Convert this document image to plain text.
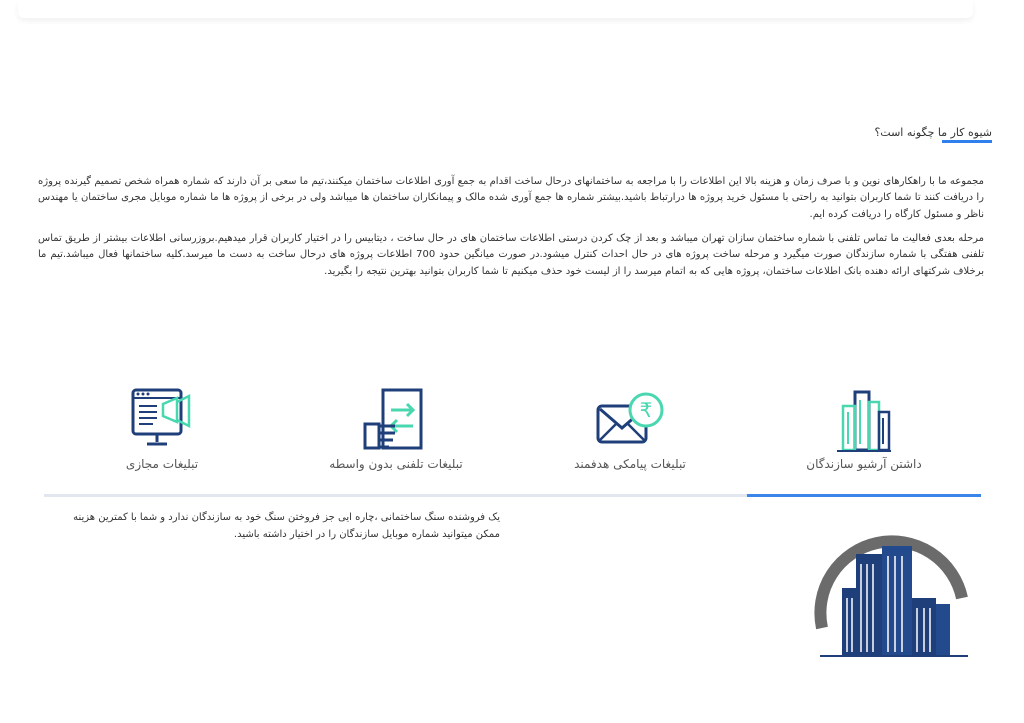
شیوه کار ما چگونه است؟
مجموعه ما با راهکارهای نوین و با صرف زمان و هزینه بالا این اطلاعات را با مراجعه به ساختمانهای درحال ساخت اقدام به جمع آوری اطلاعات ساختمان میکنند،تیم ما سعی بر آن دارند که شماره همراه شخص تصمیم گیرنده پروژه را دریافت کنند تا شما کاربران بتوانید به راحتی با مسئول خرید پروژه ها درارتباط باشید.بیشتر شماره ها جمع آوری شده مالک و پیمانکاران ساختمان ها میباشد ولی در برخی از پروژه ها ما شماره موبایل مجری ساختمان یا مهندس ناظر و مسئول کارگاه را دریافت کرده ایم.
مرحله بعدی فعالیت ما تماس تلفنی با شماره ساختمان سازان تهران میباشد و بعد از چک کردن درستی اطلاعات ساختمان های در حال ساخت ، دیتابیس را در اختیار کاربران قرار میدهیم.بروزرسانی اطلاعات بیشتر از طریق تماس تلفنی هفتگی با شماره سازندگان صورت میگیرد و مرحله ساخت پروژه های در حال احداث کنترل میشود.در صورت میانگین حدود 700 اطلاعات پروژه های درحال ساخت به دست ما میرسد.کلیه ساختمانها فعال میباشد.تیم ما برخلاف شرکتهای ارائه دهنده بانک اطلاعات ساختمان، پروژه هایی که به اتمام میرسد را از لیست خود حذف میکنیم تا شما کاربران بتوانید بهترین نتیجه را بگیرید.
داشتن آرشیو سازندگان
₹
تبلیغات پیامکی هدفمند
تبلیغات تلفنی بدون واسطه
تبلیغات مجازی
یک فروشنده سنگ ساختمانی ،چاره ایی جز فروختن سنگ خود به سازندگان ندارد و شما با کمترین هزینه ممکن میتوانید شماره موبایل سازندگان را در اختیار داشته باشید.
